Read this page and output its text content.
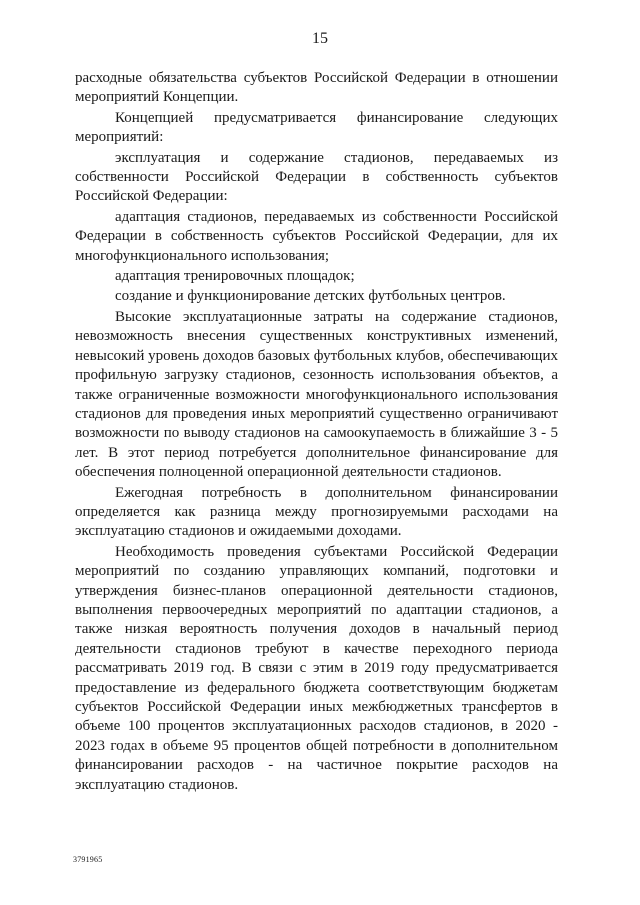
15

расходные обязательства субъектов Российской Федерации в отношении мероприятий Концепции.

Концепцией предусматривается финансирование следующих мероприятий:

эксплуатация и содержание стадионов, передаваемых из собственности Российской Федерации в собственность субъектов Российской Федерации:

адаптация стадионов, передаваемых из собственности Российской Федерации в собственность субъектов Российской Федерации, для их многофункционального использования;

адаптация тренировочных площадок;

создание и функционирование детских футбольных центров.

Высокие эксплуатационные затраты на содержание стадионов, невозможность внесения существенных конструктивных изменений, невысокий уровень доходов базовых футбольных клубов, обеспечивающих профильную загрузку стадионов, сезонность использования объектов, а также ограниченные возможности многофункционального использования стадионов для проведения иных мероприятий существенно ограничивают возможности по выводу стадионов на самоокупаемость в ближайшие 3 - 5 лет. В этот период потребуется дополнительное финансирование для обеспечения полноценной операционной деятельности стадионов.

Ежегодная потребность в дополнительном финансировании определяется как разница между прогнозируемыми расходами на эксплуатацию стадионов и ожидаемыми доходами.

Необходимость проведения субъектами Российской Федерации мероприятий по созданию управляющих компаний, подготовки и утверждения бизнес-планов операционной деятельности стадионов, выполнения первоочередных мероприятий по адаптации стадионов, а также низкая вероятность получения доходов в начальный период деятельности стадионов требуют в качестве переходного периода рассматривать 2019 год. В связи с этим в 2019 году предусматривается предоставление из федерального бюджета соответствующим бюджетам субъектов Российской Федерации иных межбюджетных трансфертов в объеме 100 процентов эксплуатационных расходов стадионов, в 2020 - 2023 годах в объеме 95 процентов общей потребности в дополнительном финансировании расходов - на частичное покрытие расходов на эксплуатацию стадионов.

3791965
